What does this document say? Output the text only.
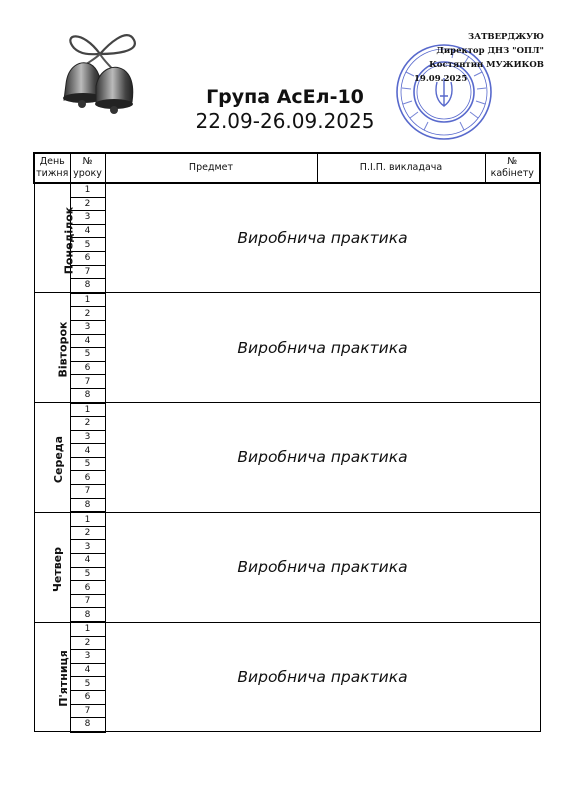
Група АсЕл-10
22.09-26.09.2025
ЗАТВЕРДЖУЮ
Директор ДНЗ "ОПЛ"
Костянтин МУЖИКОВ
19.09.2025
День тижня	№ уроку	Предмет	П.І.П. викладача	№ кабінету
Понеділок	1	Виробнича практика		
	2			
	3			
	4			
	5			
	6			
	7			
	8			
Вівторок	1	Виробнича практика		
	2			
	3			
	4			
	5			
	6			
	7			
	8			
Середа	1	Виробнича практика		
	2			
	3			
	4			
	5			
	6			
	7			
	8			
Четвер	1	Виробнича практика		
	2			
	3			
	4			
	5			
	6			
	7			
	8			
П'ятниця	1	Виробнича практика		
	2			
	3			
	4			
	5			
	6			
	7			
	8			
